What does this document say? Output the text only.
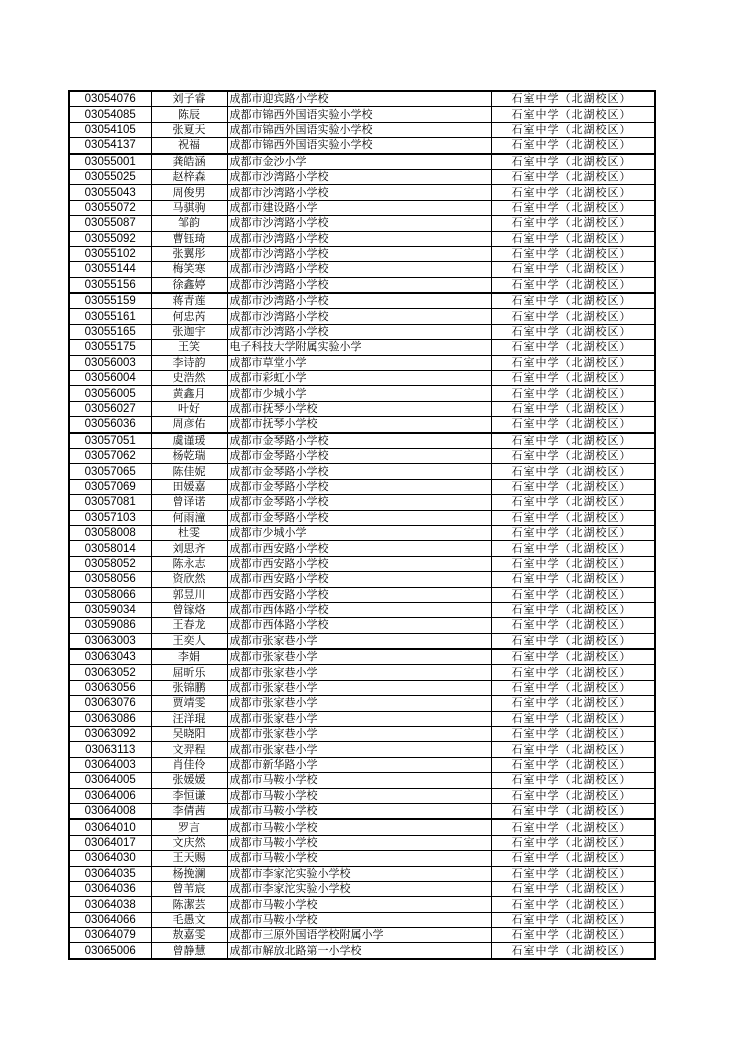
03054076	刘子睿	成都市迎宾路小学校	石室中学（北湖校区）
03054085	陈辰	成都市锦西外国语实验小学校	石室中学（北湖校区）
03054105	张夏天	成都市锦西外国语实验小学校	石室中学（北湖校区）
03054137	祝福	成都市锦西外国语实验小学校	石室中学（北湖校区）
03055001	龚皓涵	成都市金沙小学	石室中学（北湖校区）
03055025	赵梓森	成都市沙湾路小学校	石室中学（北湖校区）
03055043	周俊男	成都市沙湾路小学校	石室中学（北湖校区）
03055072	马骐驹	成都市建设路小学	石室中学（北湖校区）
03055087	邹韵	成都市沙湾路小学校	石室中学（北湖校区）
03055092	曹钰琦	成都市沙湾路小学校	石室中学（北湖校区）
03055102	张翼彤	成都市沙湾路小学校	石室中学（北湖校区）
03055144	梅笑寒	成都市沙湾路小学校	石室中学（北湖校区）
03055156	徐鑫婷	成都市沙湾路小学校	石室中学（北湖校区）
03055159	蒋青莲	成都市沙湾路小学校	石室中学（北湖校区）
03055161	何忠芮	成都市沙湾路小学校	石室中学（北湖校区）
03055165	张迦宇	成都市沙湾路小学校	石室中学（北湖校区）
03055175	王笑	电子科技大学附属实验小学	石室中学（北湖校区）
03056003	李诗韵	成都市草堂小学	石室中学（北湖校区）
03056004	史浩然	成都市彩虹小学	石室中学（北湖校区）
03056005	黄鑫月	成都市少城小学	石室中学（北湖校区）
03056027	叶好	成都市抚琴小学校	石室中学（北湖校区）
03056036	周彦佑	成都市抚琴小学校	石室中学（北湖校区）
03057051	虞谨瑗	成都市金琴路小学校	石室中学（北湖校区）
03057062	杨乾瑞	成都市金琴路小学校	石室中学（北湖校区）
03057065	陈佳妮	成都市金琴路小学校	石室中学（北湖校区）
03057069	田媛嘉	成都市金琴路小学校	石室中学（北湖校区）
03057081	曾译诺	成都市金琴路小学校	石室中学（北湖校区）
03057103	何雨潼	成都市金琴路小学校	石室中学（北湖校区）
03058008	杜雯	成都市少城小学	石室中学（北湖校区）
03058014	刘思齐	成都市西安路小学校	石室中学（北湖校区）
03058052	陈永志	成都市西安路小学校	石室中学（北湖校区）
03058056	资欣然	成都市西安路小学校	石室中学（北湖校区）
03058066	郭昱川	成都市西安路小学校	石室中学（北湖校区）
03059034	曾镓烙	成都市西体路小学校	石室中学（北湖校区）
03059086	王春龙	成都市西体路小学校	石室中学（北湖校区）
03063003	王奕人	成都市张家巷小学	石室中学（北湖校区）
03063043	李娟	成都市张家巷小学	石室中学（北湖校区）
03063052	屈昕乐	成都市张家巷小学	石室中学（北湖校区）
03063056	张锦鹏	成都市张家巷小学	石室中学（北湖校区）
03063076	贾靖雯	成都市张家巷小学	石室中学（北湖校区）
03063086	汪洋琨	成都市张家巷小学	石室中学（北湖校区）
03063092	吴晓阳	成都市张家巷小学	石室中学（北湖校区）
03063113	文羿程	成都市张家巷小学	石室中学（北湖校区）
03064003	肖佳伶	成都市新华路小学	石室中学（北湖校区）
03064005	张媛媛	成都市马鞍小学校	石室中学（北湖校区）
03064006	李恒谦	成都市马鞍小学校	石室中学（北湖校区）
03064008	李倩茜	成都市马鞍小学校	石室中学（北湖校区）
03064010	罗言	成都市马鞍小学校	石室中学（北湖校区）
03064017	文庆然	成都市马鞍小学校	石室中学（北湖校区）
03064030	王天赐	成都市马鞍小学校	石室中学（北湖校区）
03064035	杨挽澜	成都市李家沱实验小学校	石室中学（北湖校区）
03064036	曾苇宸	成都市李家沱实验小学校	石室中学（北湖校区）
03064038	陈潔芸	成都市马鞍小学校	石室中学（北湖校区）
03064066	毛愚文	成都市马鞍小学校	石室中学（北湖校区）
03064079	敖嘉雯	成都市三原外国语学校附属小学	石室中学（北湖校区）
03065006	曾静慧	成都市解放北路第一小学校	石室中学（北湖校区）
